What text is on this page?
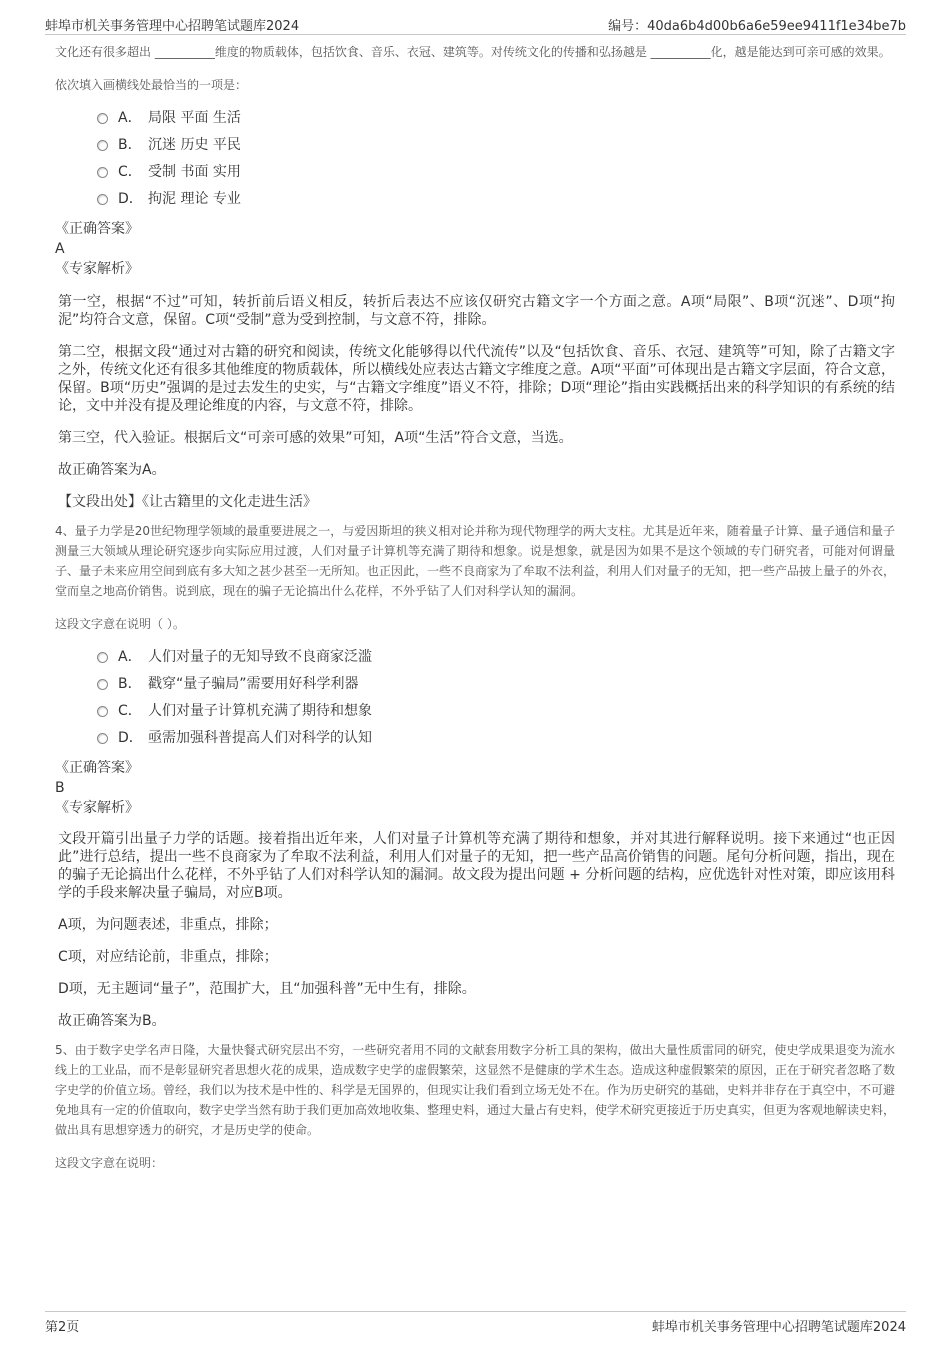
蚌埠市机关事务管理中心招聘笔试题库2024	编号：40da6b4d00b6a6e59ee9411f1e34be7b

文化还有很多超出 __________维度的物质载体，包括饮食、音乐、衣冠、建筑等。对传统文化的传播和弘扬越是 __________化，越是能达到可亲可感的效果。

依次填入画横线处最恰当的一项是：

A． 局限 平面 生活
B． 沉迷 历史 平民
C． 受制 书面 实用
D． 拘泥 理论 专业

《正确答案》

A

《专家解析》

第一空，根据“不过”可知，转折前后语义相反，转折后表达不应该仅研究古籍文字一个方面之意。A项“局限”、B项“沉迷”、D项“拘泥”均符合文意，保留。C项“受制”意为受到控制，与文意不符，排除。

第二空，根据文段“通过对古籍的研究和阅读，传统文化能够得以代代流传”以及“包括饮食、音乐、衣冠、建筑等”可知，除了古籍文字之外，传统文化还有很多其他维度的物质载体，所以横线处应表达古籍文字维度之意。A项“平面”可体现出是古籍文字层面，符合文意，保留。B项“历史”强调的是过去发生的史实，与“古籍文字维度”语义不符，排除；D项“理论”指由实践概括出来的科学知识的有系统的结论，文中并没有提及理论维度的内容，与文意不符，排除。

第三空，代入验证。根据后文“可亲可感的效果”可知，A项“生活”符合文意，当选。

故正确答案为A。

【文段出处】《让古籍里的文化走进生活》

4、量子力学是20世纪物理学领域的最重要进展之一，与爱因斯坦的狭义相对论并称为现代物理学的两大支柱。尤其是近年来，随着量子计算、量子通信和量子测量三大领域从理论研究逐步向实际应用过渡，人们对量子计算机等充满了期待和想象。说是想象，就是因为如果不是这个领域的专门研究者，可能对何谓量子、量子未来应用空间到底有多大知之甚少甚至一无所知。也正因此，一些不良商家为了牟取不法利益，利用人们对量子的无知，把一些产品披上量子的外衣，堂而皇之地高价销售。说到底，现在的骗子无论搞出什么花样，不外乎钻了人们对科学认知的漏洞。

这段文字意在说明（ ）。

A． 人们对量子的无知导致不良商家泛滥
B． 戳穿“量子骗局”需要用好科学利器
C． 人们对量子计算机充满了期待和想象
D． 亟需加强科普提高人们对科学的认知

《正确答案》

B

《专家解析》

文段开篇引出量子力学的话题。接着指出近年来，人们对量子计算机等充满了期待和想象，并对其进行解释说明。接下来通过“也正因此”进行总结，提出一些不良商家为了牟取不法利益，利用人们对量子的无知，把一些产品高价销售的问题。尾句分析问题，指出，现在的骗子无论搞出什么花样，不外乎钻了人们对科学认知的漏洞。故文段为提出问题 + 分析问题的结构，应优选针对性对策，即应该用科学的手段来解决量子骗局，对应B项。

A项，为问题表述，非重点，排除；

C项，对应结论前，非重点，排除；

D项，无主题词“量子”，范围扩大，且“加强科普”无中生有，排除。

故正确答案为B。

5、由于数字史学名声日隆，大量快餐式研究层出不穷，一些研究者用不同的文献套用数字分析工具的架构，做出大量性质雷同的研究，使史学成果退变为流水线上的工业品，而不是彰显研究者思想火花的成果，造成数字史学的虚假繁荣，这显然不是健康的学术生态。造成这种虚假繁荣的原因，正在于研究者忽略了数字史学的价值立场。曾经，我们以为技术是中性的、科学是无国界的，但现实让我们看到立场无处不在。作为历史研究的基础，史料并非存在于真空中，不可避免地具有一定的价值取向，数字史学当然有助于我们更加高效地收集、整理史料，通过大量占有史料，使学术研究更接近于历史真实，但更为客观地解读史料，做出具有思想穿透力的研究，才是历史学的使命。

这段文字意在说明：

第2页	蚌埠市机关事务管理中心招聘笔试题库2024
